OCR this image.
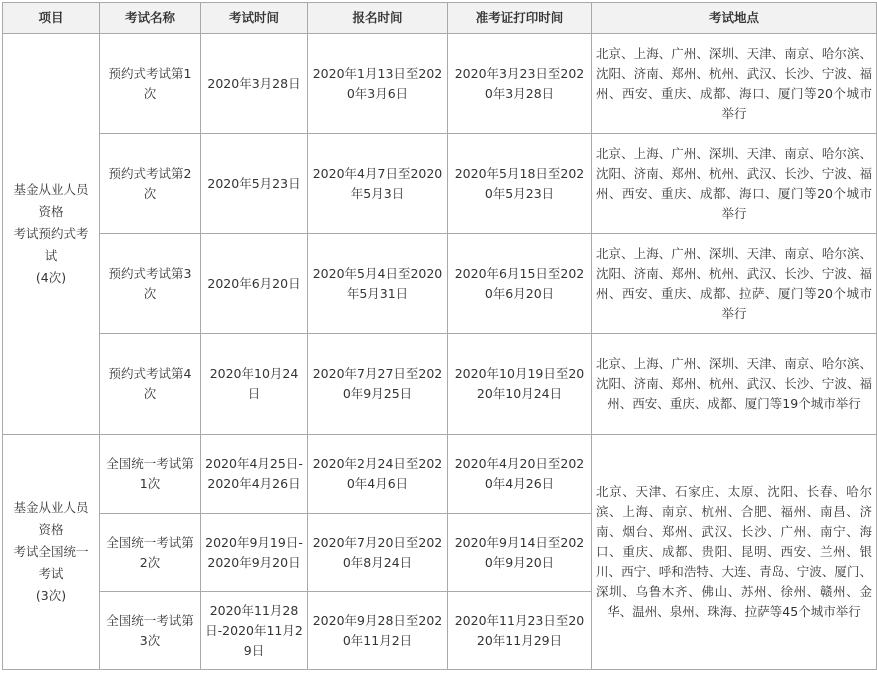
项目	考试名称	考试时间	报名时间	准考证打印时间	考试地点
基金从业人员
资格
考试预约式考
试
(4次)	预约式考试第1次	2020年3月28日	2020年1月13日至2020年3月6日	2020年3月23日至2020年3月28日	北京、上海、广州、深圳、天津、南京、哈尔滨、沈阳、济南、郑州、杭州、武汉、长沙、宁波、福州、西安、重庆、成都、海口、厦门等20个城市举行
	预约式考试第2次	2020年5月23日	2020年4月7日至2020年5月3日	2020年5月18日至2020年5月23日	北京、上海、广州、深圳、天津、南京、哈尔滨、沈阳、济南、郑州、杭州、武汉、长沙、宁波、福州、西安、重庆、成都、海口、厦门等20个城市举行
	预约式考试第3次	2020年6月20日	2020年5月4日至2020年5月31日	2020年6月15日至2020年6月20日	北京、上海、广州、深圳、天津、南京、哈尔滨、沈阳、济南、郑州、杭州、武汉、长沙、宁波、福州、西安、重庆、成都、拉萨、厦门等20个城市举行
	预约式考试第4次	2020年10月24日	2020年7月27日至2020年9月25日	2020年10月19日至2020年10月24日	北京、上海、广州、深圳、天津、南京、哈尔滨、沈阳、济南、郑州、杭州、武汉、长沙、宁波、福州、西安、重庆、成都、厦门等19个城市举行
基金从业人员
资格
考试全国统一
考试
(3次)	全国统一考试第1次	2020年4月25日-2020年4月26日	2020年2月24日至2020年4月6日	2020年4月20日至2020年4月26日	北京、天津、石家庄、太原、沈阳、长春、哈尔滨、上海、南京、杭州、合肥、福州、南昌、济南、烟台、郑州、武汉、长沙、广州、南宁、海口、重庆、成都、贵阳、昆明、西安、兰州、银川、西宁、呼和浩特、大连、青岛、宁波、厦门、深圳、乌鲁木齐、佛山、苏州、徐州、赣州、金华、温州、泉州、珠海、拉萨等45个城市举行
	全国统一考试第2次	2020年9月19日-2020年9月20日	2020年7月20日至2020年8月24日	2020年9月14日至2020年9月20日	
	全国统一考试第3次	2020年11月28日-2020年11月29日	2020年9月28日至2020年11月2日	2020年11月23日至2020年11月29日	
